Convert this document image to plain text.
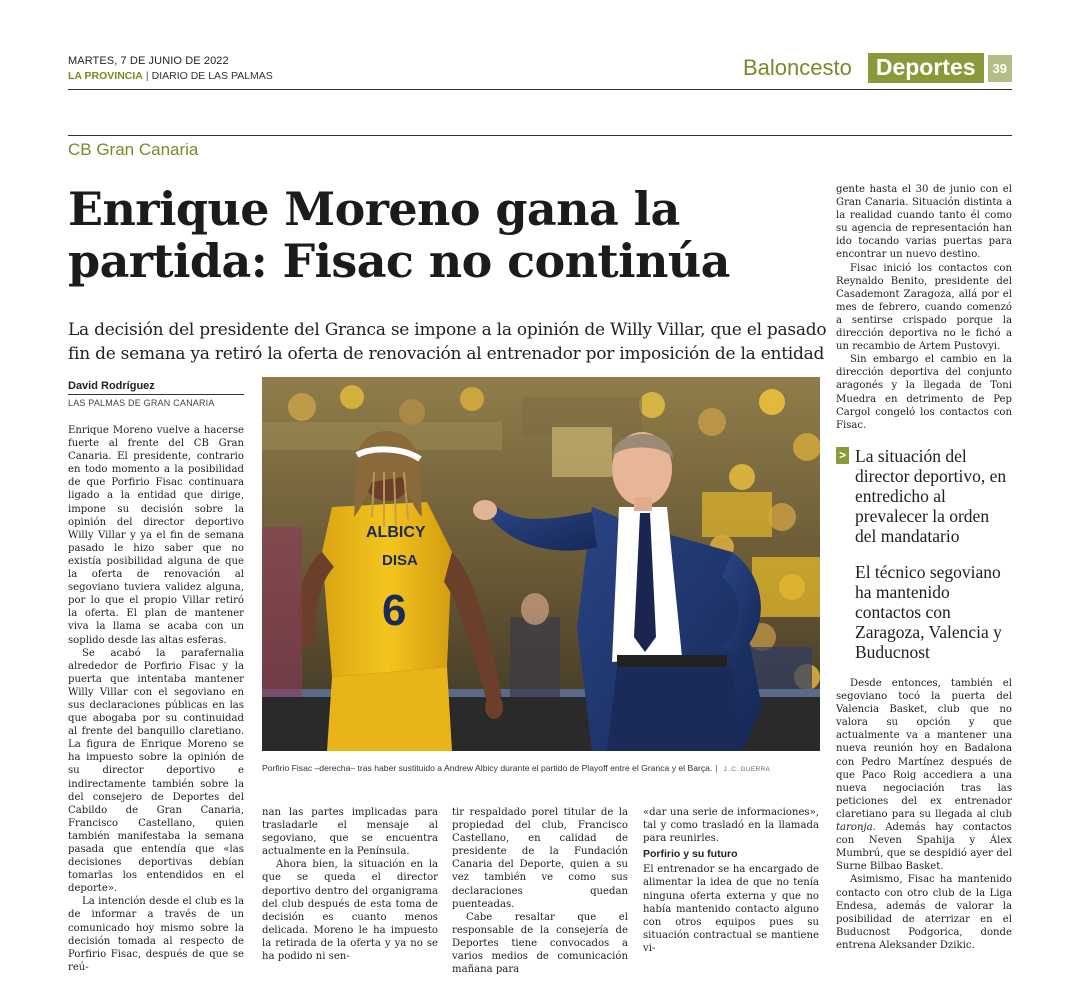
MARTES, 7 DE JUNIO DE 2022
LA PROVINCIA | DIARIO DE LAS PALMAS	Baloncesto	Deportes	39
CB Gran Canaria
Enrique Moreno gana la
partida: Fisac no continúa
La decisión del presidente del Granca se impone a la opinión de Willy Villar, que el pasado fin de semana ya retiró la oferta de renovación al entrenador por imposición de la entidad
David Rodríguez
LAS PALMAS DE GRAN CANARIA
ALBICY
DISA
6
Porfirio Fisac –derecha– tras haber sustituido a Andrew Albicy durante el partido de Playoff entre el Granca y el Barça. | J. C. GUERRA

Enrique Moreno vuelve a hacerse fuerte al frente del CB Gran Canaria. El presidente, contrario en todo momento a la posibilidad de que Porfirio Fisac continuara ligado a la entidad que dirige, impone su decisión sobre la opinión del director deportivo Willy Villar y ya el fin de semana pasado le hizo saber que no existía posibilidad alguna de que la oferta de renovación al segoviano tuviera validez alguna, por lo que el propio Villar retiró la oferta. El plan de mantener viva la llama se acaba con un soplido desde las altas esferas.

Se acabó la parafernalia alrededor de Porfirio Fisac y la puerta que intentaba mantener Willy Villar con el segoviano en sus declaraciones públicas en las que abogaba por su continuidad al frente del banquillo claretiano. La figura de Enrique Moreno se ha impuesto sobre la opinión de su director deportivo e indirectamente también sobre la del consejero de Deportes del Cabildo de Gran Canaria, Francisco Castellano, quien también manifestaba la semana pasada que entendía que «las decisiones deportivas debían tomarlas los entendidos en el deporte».

La intención desde el club es la de informar a través de un comunicado hoy mismo sobre la decisión tomada al respecto de Porfirio Fisac, después de que se reú-

nan las partes implicadas para trasladarle el mensaje al segoviano, que se encuentra actualmente en la Península.

Ahora bien, la situación en la que se queda el director deportivo dentro del organigrama del club después de esta toma de decisión es cuanto menos delicada. Moreno le ha impuesto la retirada de la oferta y ya no se ha podido ni sen-

tir respaldado porel titular de la propiedad del club, Francisco Castellano, en calidad de presidente de la Fundación Canaria del Deporte, quien a su vez también ve como sus declaraciones quedan puenteadas.

Cabe resaltar que el responsable de la consejería de Deportes tiene convocados a varios medios de comunicación mañana para

«dar una serie de informaciones», tal y como trasladó en la llamada para reunirles.

Porfirio y su futuro

El entrenador se ha encargado de alimentar la idea de que no tenía ninguna oferta externa y que no había mantenido contacto alguno con otros equipos pues su situación contractual se mantiene vi-

gente hasta el 30 de junio con el Gran Canaria. Situación distinta a la realidad cuando tanto él como su agencia de representación han ido tocando varias puertas para encontrar un nuevo destino.

Fisac inició los contactos con Reynaldo Benito, presidente del Casademont Zaragoza, allá por el mes de febrero, cuando comenzó a sentirse crispado porque la dirección deportiva no le fichó a un recambio de Artem Pustovyi.

Sin embargo el cambio en la dirección deportiva del conjunto aragonés y la llegada de Toni Muedra en detrimento de Pep Cargol congeló los contactos con Fisac.

> La situación del director deportivo, en entredicho al prevalecer la orden del mandatario
El técnico segoviano ha mantenido contactos con Zaragoza, Valencia y Buducnost

Desde entonces, también el segoviano tocó la puerta del Valencia Basket, club que no valora su opción y que actualmente va a mantener una nueva reunión hoy en Badalona con Pedro Martínez después de que Paco Roig accediera a una nueva negociación tras las peticiones del ex entrenador claretiano para su llegada al club taronja. Además hay contactos con Neven Spahija y Álex Mumbrú, que se despidió ayer del Surne Bilbao Basket.

Asimismo, Fisac ha mantenido contacto con otro club de la Liga Endesa, además de valorar la posibilidad de aterrizar en el Buducnost Podgorica, donde entrena Aleksander Dzikic.
